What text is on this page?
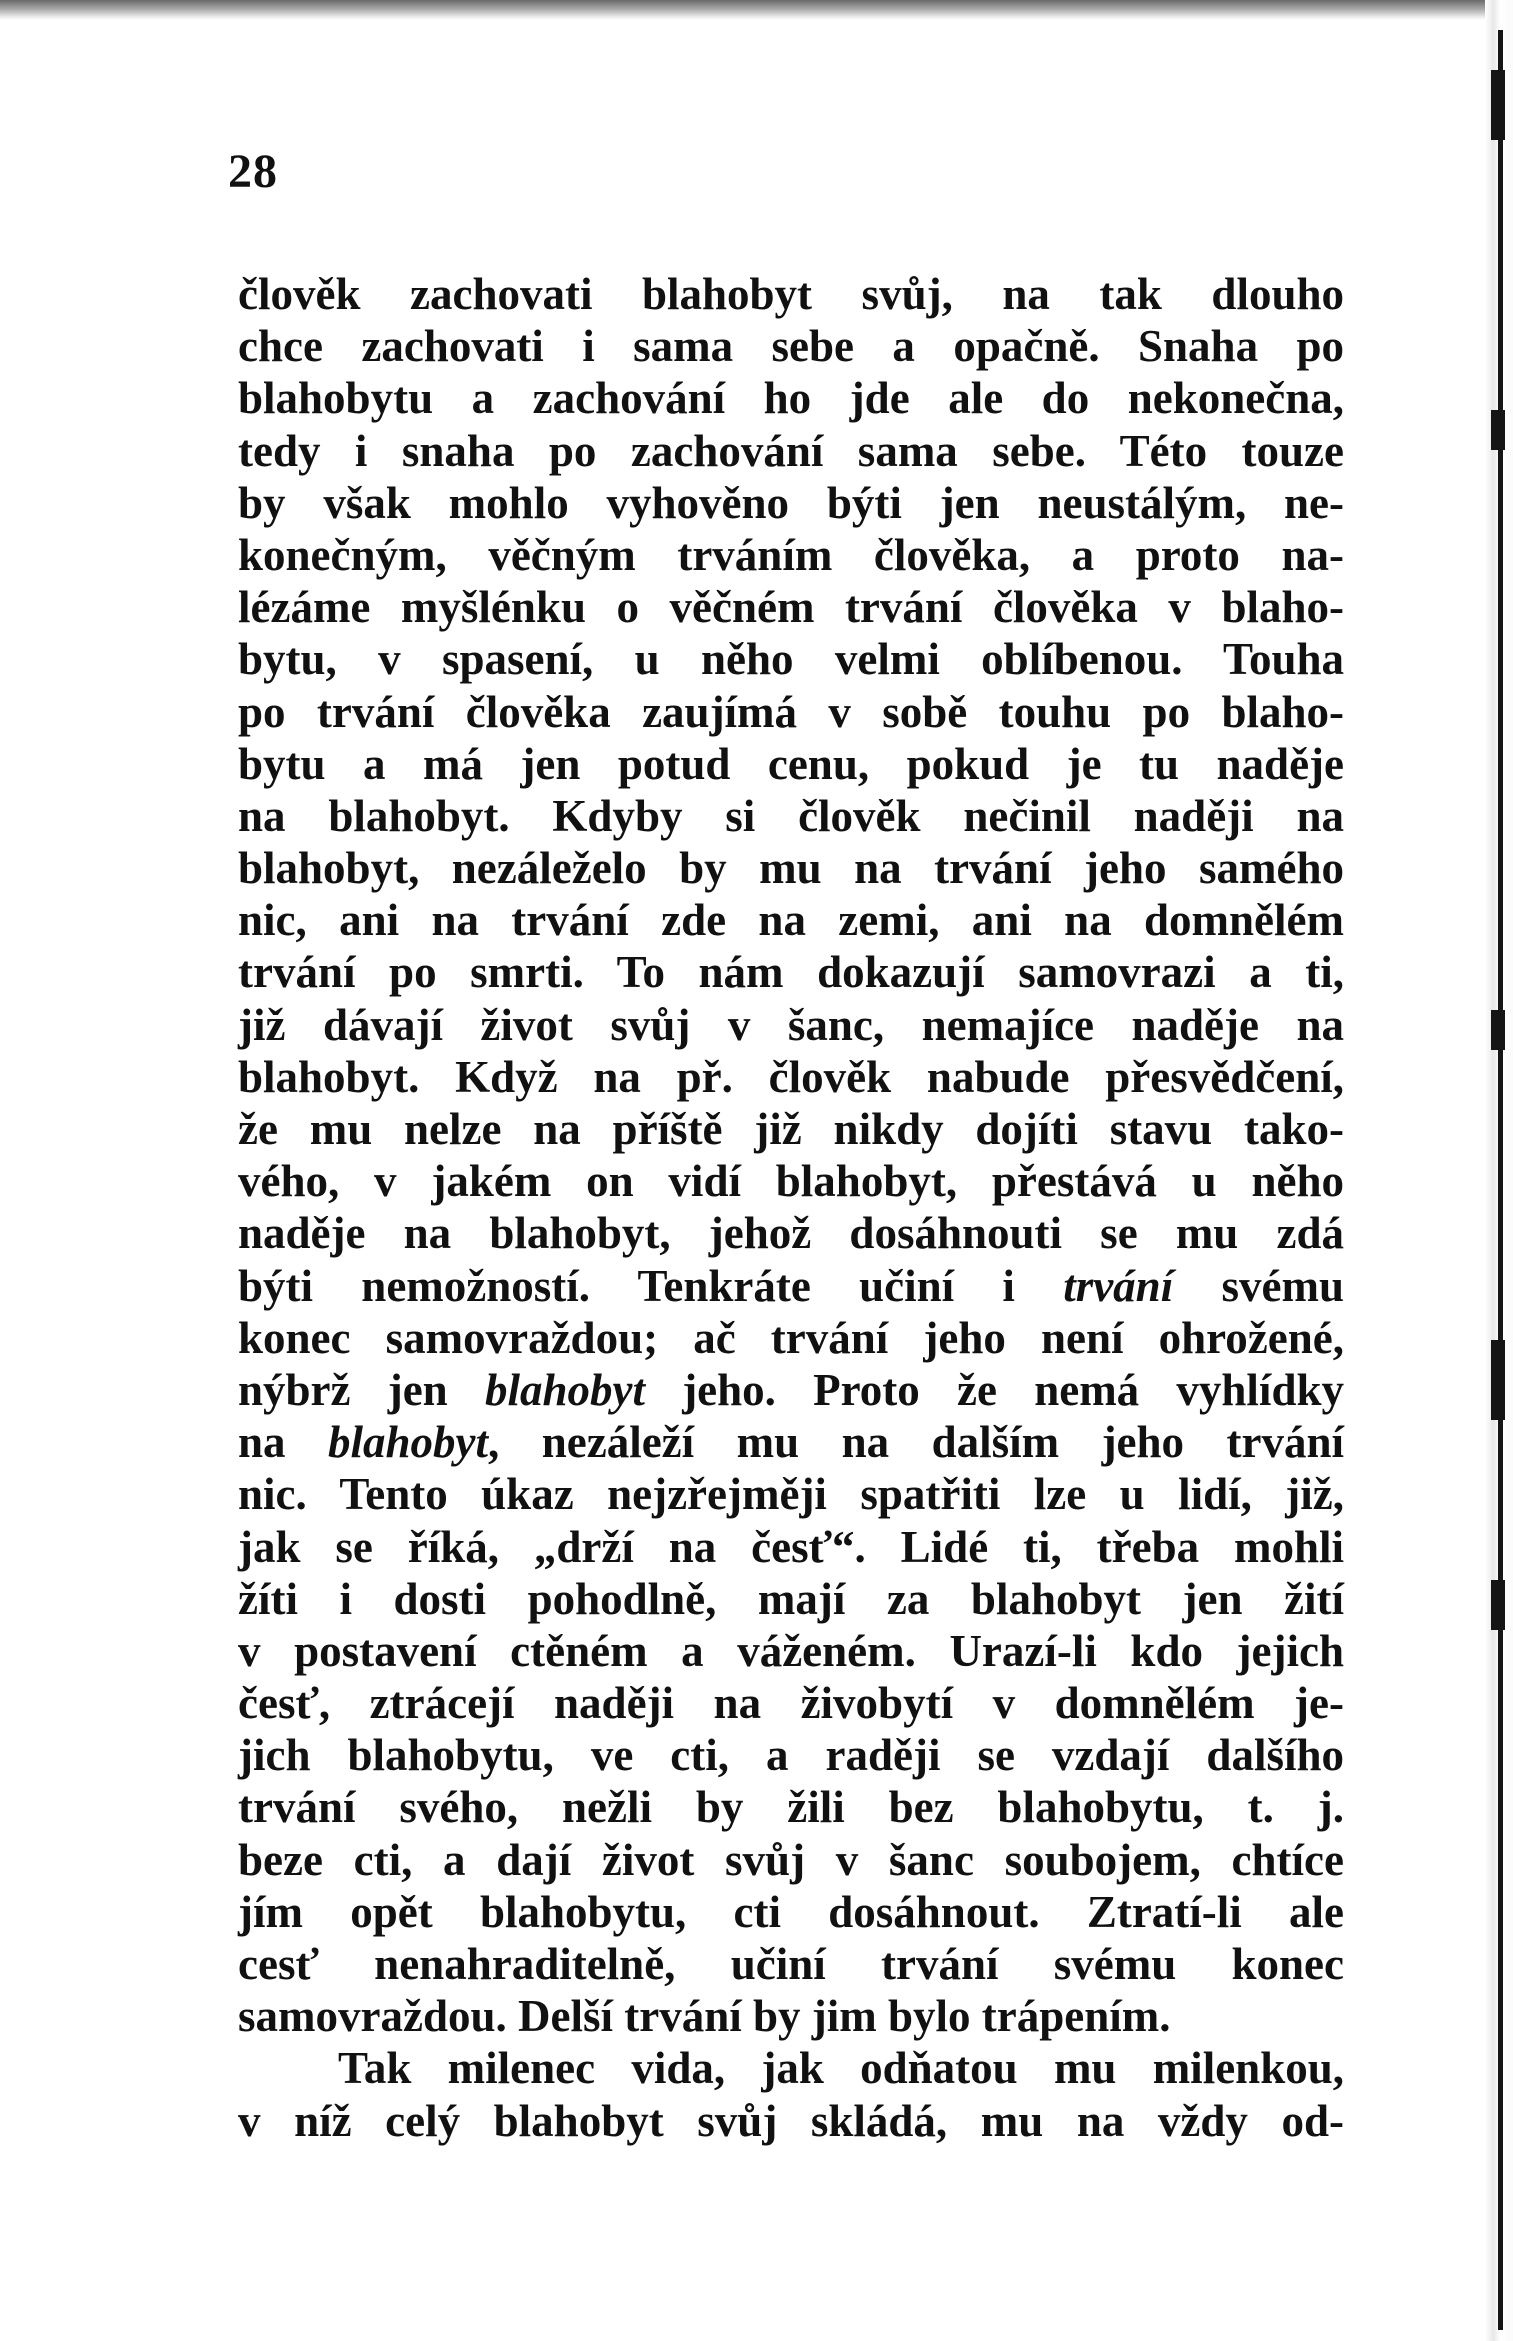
28
člověk zachovati blahobyt svůj, na tak dlouho
chce zachovati i sama sebe a opačně. Snaha po
blahobytu a zachování ho jde ale do nekonečna,
tedy i snaha po zachování sama sebe. Této touze
by však mohlo vyhověno býti jen neustálým, ne-
konečným, věčným trváním člověka, a proto na-
lézáme myšlénku o věčném trvání člověka v blaho-
bytu, v spasení, u něho velmi oblíbenou. Touha
po trvání člověka zaujímá v sobě touhu po blaho-
bytu a má jen potud cenu, pokud je tu naděje
na blahobyt. Kdyby si člověk nečinil naději na
blahobyt, nezáleželo by mu na trvání jeho samého
nic, ani na trvání zde na zemi, ani na domnělém
trvání po smrti. To nám dokazují samovrazi a ti,
již dávají život svůj v šanc, nemajíce naděje na
blahobyt. Když na př. člověk nabude přesvědčení,
že mu nelze na příště již nikdy dojíti stavu tako-
vého, v jakém on vidí blahobyt, přestává u něho
naděje na blahobyt, jehož dosáhnouti se mu zdá
býti nemožností. Tenkráte učiní i trvání svému
konec samovraždou; ač trvání jeho není ohrožené,
nýbrž jen blahobyt jeho. Proto že nemá vyhlídky
na blahobyt, nezáleží mu na dalším jeho trvání
nic. Tento úkaz nejzřejměji spatřiti lze u lidí, již,
jak se říká, „drží na česť“. Lidé ti, třeba mohli
žíti i dosti pohodlně, mají za blahobyt jen žití
v postavení ctěném a váženém. Urazí-li kdo jejich
česť, ztrácejí naději na živobytí v domnělém je-
jich blahobytu, ve cti, a raději se vzdají dalšího
trvání svého, nežli by žili bez blahobytu, t. j.
beze cti, a dají život svůj v šanc soubojem, chtíce
jím opět blahobytu, cti dosáhnout. Ztratí-li ale
cesť nenahraditelně, učiní trvání svému konec
samovraždou. Delší trvání by jim bylo trápením.
Tak milenec vida, jak odňatou mu milenkou,
v níž celý blahobyt svůj skládá, mu na vždy od-
